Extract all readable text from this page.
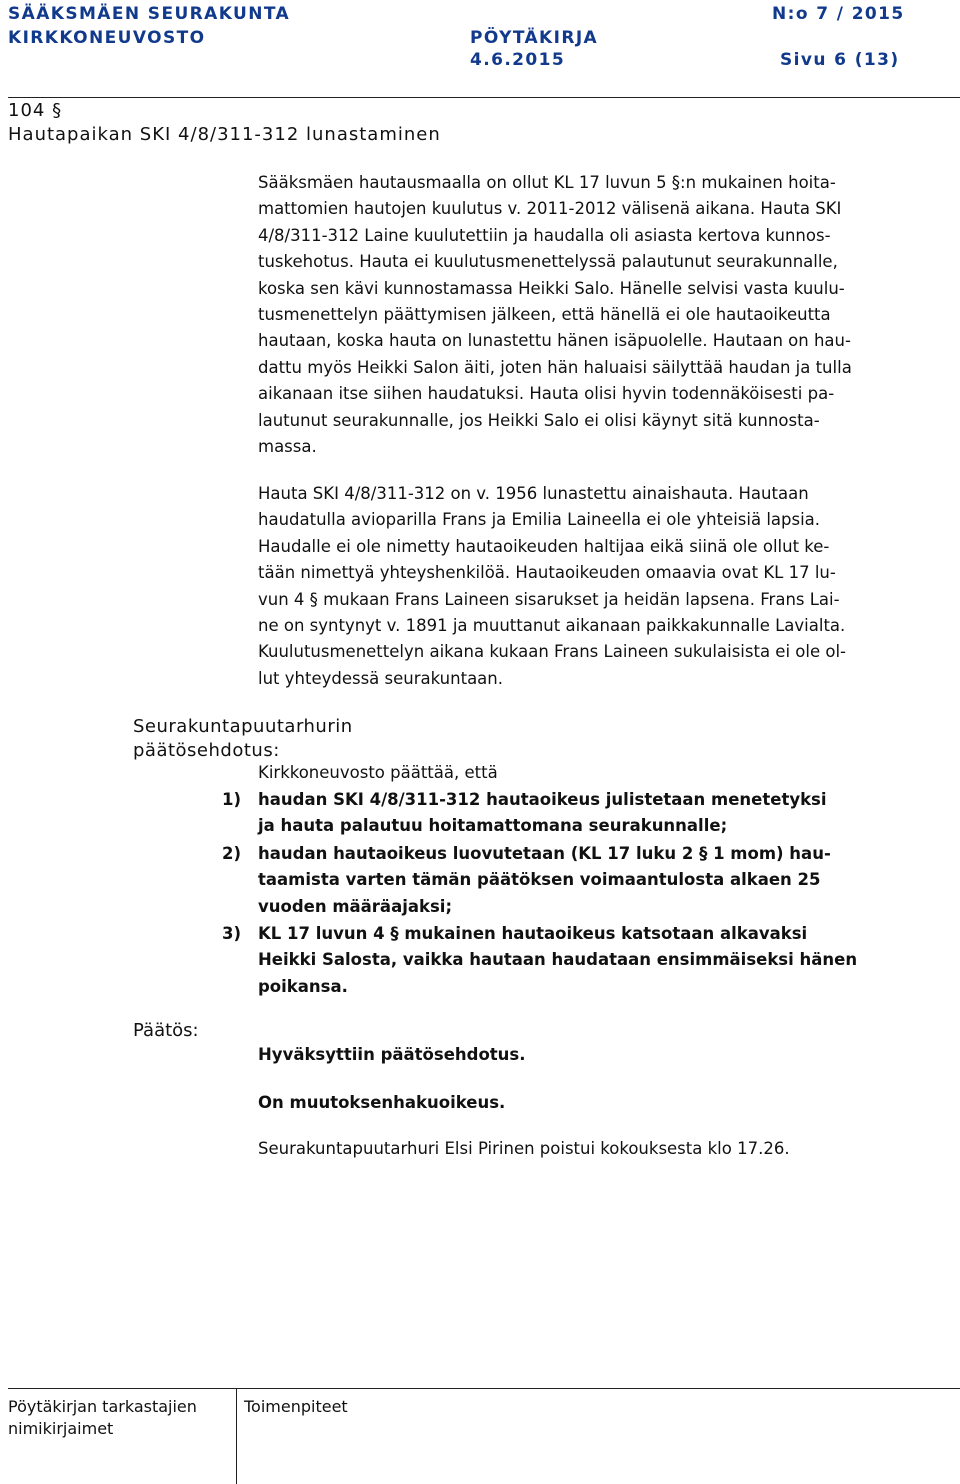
SÄÄKSMÄEN SEURAKUNTA	N:o 7 / 2015
KIRKKONEUVOSTO	PÖYTÄKIRJA
4.6.2015	Sivu 6 (13)
104 §
Hautapaikan SKI 4/8/311-312 lunastaminen
Sääksmäen hautausmaalla on ollut KL 17 luvun 5 §:n mukainen hoita-
mattomien hautojen kuulutus v. 2011-2012 välisenä aikana. Hauta SKI
4/8/311-312 Laine kuulutettiin ja haudalla oli asiasta kertova kunnos-
tuskehotus. Hauta ei kuulutusmenettelyssä palautunut seurakunnalle,
koska sen kävi kunnostamassa Heikki Salo. Hänelle selvisi vasta kuulu-
tusmenettelyn päättymisen jälkeen, että hänellä ei ole hautaoikeutta
hautaan, koska hauta on lunastettu hänen isäpuolelle. Hautaan on hau-
dattu myös Heikki Salon äiti, joten hän haluaisi säilyttää haudan ja tulla
aikanaan itse siihen haudatuksi. Hauta olisi hyvin todennäköisesti pa-
lautunut seurakunnalle, jos Heikki Salo ei olisi käynyt sitä kunnosta-
massa.
Hauta SKI 4/8/311-312 on v. 1956 lunastettu ainaishauta. Hautaan
haudatulla avioparilla Frans ja Emilia Laineella ei ole yhteisiä lapsia.
Haudalle ei ole nimetty hautaoikeuden haltijaa eikä siinä ole ollut ke-
tään nimettyä yhteyshenkilöä. Hautaoikeuden omaavia ovat KL 17 lu-
vun 4 § mukaan Frans Laineen sisarukset ja heidän lapsena. Frans Lai-
ne on syntynyt v. 1891 ja muuttanut aikanaan paikkakunnalle Lavialta.
Kuulutusmenettelyn aikana kukaan Frans Laineen sukulaisista ei ole ol-
lut yhteydessä seurakuntaan.
Seurakuntapuutarhurin
päätösehdotus:
Kirkkoneuvosto päättää, että
1) haudan SKI 4/8/311-312 hautaoikeus julistetaan menetetyksi
ja hauta palautuu hoitamattomana seurakunnalle;
2) haudan hautaoikeus luovutetaan (KL 17 luku 2 § 1 mom) hau-
taamista varten tämän päätöksen voimaantulosta alkaen 25
vuoden määräajaksi;
3) KL 17 luvun 4 § mukainen hautaoikeus katsotaan alkavaksi
Heikki Salosta, vaikka hautaan haudataan ensimmäiseksi hänen
poikansa.
Päätös:
Hyväksyttiin päätösehdotus.
On muutoksenhakuoikeus.
Seurakuntapuutarhuri Elsi Pirinen poistui kokouksesta klo 17.26.
Pöytäkirjan tarkastajien
nimikirjaimet
Toimenpiteet
